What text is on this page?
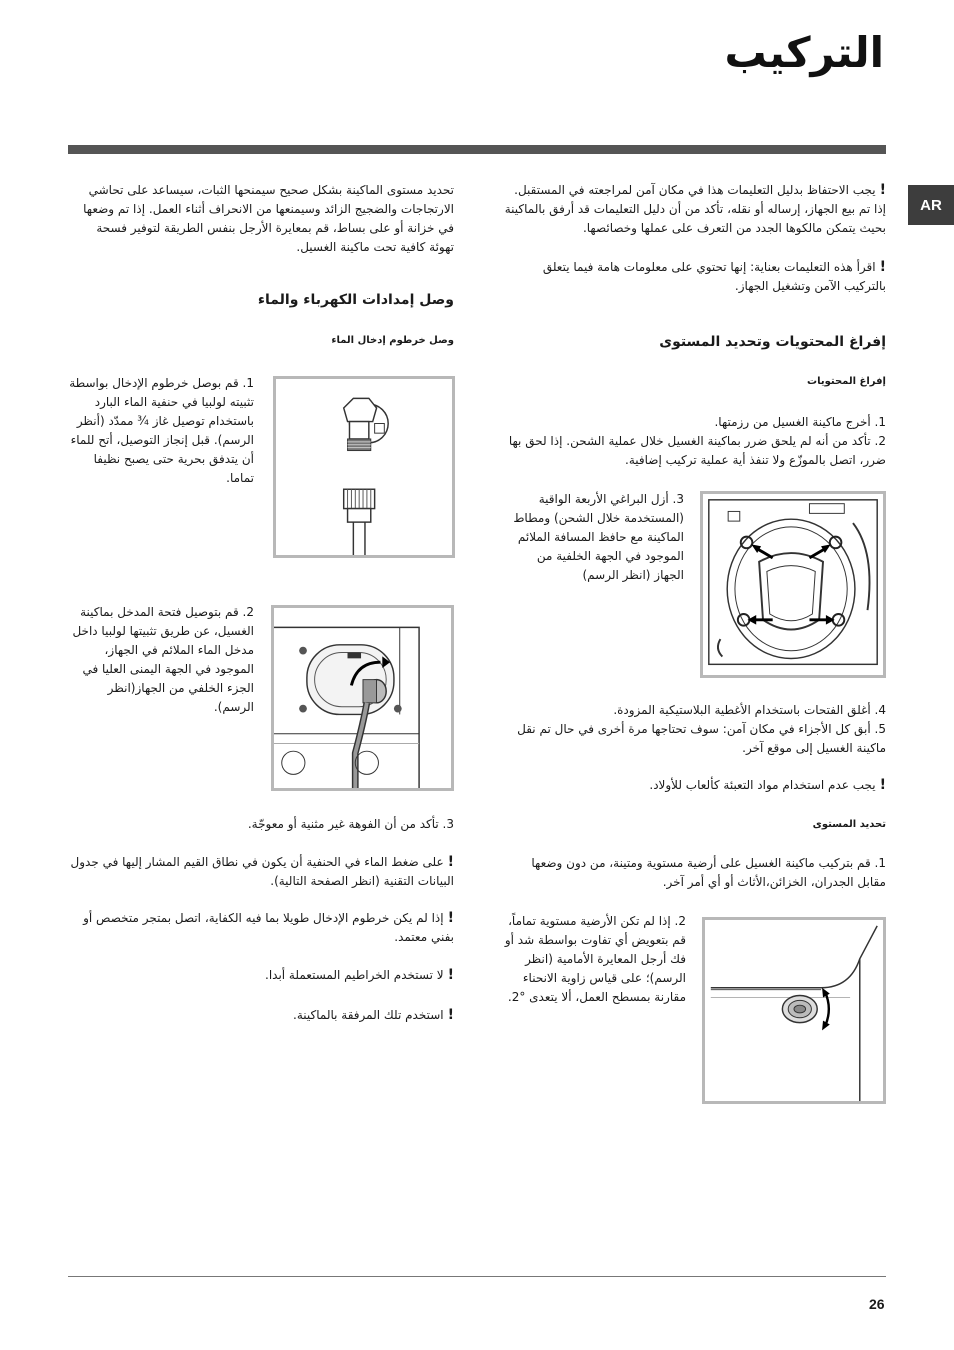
التركيب
AR

!يجب الاحتفاظ بدليل التعليمات هذا في مكان آمن لمراجعته في المستقبل. إذا تم بيع الجهاز، إرساله أو نقله، تأكد من أن دليل التعليمات قد أرفق بالماكينة بحيث يتمكن مالكوها الجدد من التعرف على عملها وخصائصها.

!اقرأ هذه التعليمات بعناية: إنها تحتوي على معلومات هامة فيما يتعلق بالتركيب الآمن وتشغيل الجهاز.

إفراغ المحتويات وتحديد المستوى
إفراغ المحتويات

1. أخرج ماكينة الغسيل من رزمتها.

2. تأكد من أنه لم يلحق ضرر بماكينة الغسيل خلال عملية الشحن. إذا لحق بها ضرر، اتصل بالموزّع ولا تنفذ أية عملية تركيب إضافية.

3. أزل البراغي الأربعة الواقية (المستخدمة خلال الشحن) ومطاط الماكينة مع حافظ المسافة الملائم الموجود في الجهة الخلفية من الجهاز (انظر الرسم)

4. أغلق الفتحات باستخدام الأغطية البلاستيكية المزودة.

5. أبق كل الأجزاء في مكان آمن: سوف تحتاجها مرة أخرى في حال تم نقل ماكينة الغسيل إلى موقع آخر.

!يجب عدم استخدام مواد التعبئة كألعاب للأولاد.

تحديد المستوى
1. قم بتركيب ماكينة الغسيل على أرضية مستوية ومتينة، من دون وضعها مقابل الجدران، الخزائن،الأثاث أو أي أمر آخر.
2. إذا لم تكن الأرضية مستوية تماماً، قم بتعويض أي تفاوت بواسطة شد أو فك أرجل المعايرة الأمامية (انظر الرسم)؛ على قياس زاوية الانحناء مقارنة بمسطح العمل، ألا يتعدى °2.
تحديد مستوى الماكينة بشكل صحيح سيمنحها الثبات، سيساعد على تحاشي الارتجاجات والضجيج الزائد وسيمنعها من الانحراف أثناء العمل. إذا تم وضعها في خزانة أو على بساط، قم بمعايرة الأرجل بنفس الطريقة لتوفير فسحة تهوئة كافية تحت ماكينة الغسيل.
وصل إمدادات الكهرباء والماء
وصل خرطوم إدخال الماء
1. قم بوصل خرطوم الإدخال بواسطة تثبيته لولبيا في حنفية الماء البارد باستخدام توصيل غاز ¾ ممدّد (أنظر الرسم). قبل إنجاز التوصيل، أتح للماء أن يتدفق بحرية حتى يصبح نظيفا تماما.
2. قم بتوصيل فتحة المدخل بماكينة الغسيل، عن طريق تثبيتها لولبيا داخل مدخل الماء الملائم في الجهاز، الموجود في الجهة اليمنى العليا في الجزء الخلفي من الجهاز(انظر الرسم).
3. تأكد من أن الفوهة غير مثنية أو معوجّة.

!على ضغط الماء في الحنفية أن يكون في نطاق القيم المشار إليها في جدول البيانات التقنية (انظر الصفحة التالية).

!إذا لم يكن خرطوم الإدخال طويلا بما فيه الكفاية، اتصل بمتجر متخصص أو بفني معتمد.

!لا تستخدم الخراطيم المستعملة أبدا.

!استخدم تلك المرفقة بالماكينة.

26
